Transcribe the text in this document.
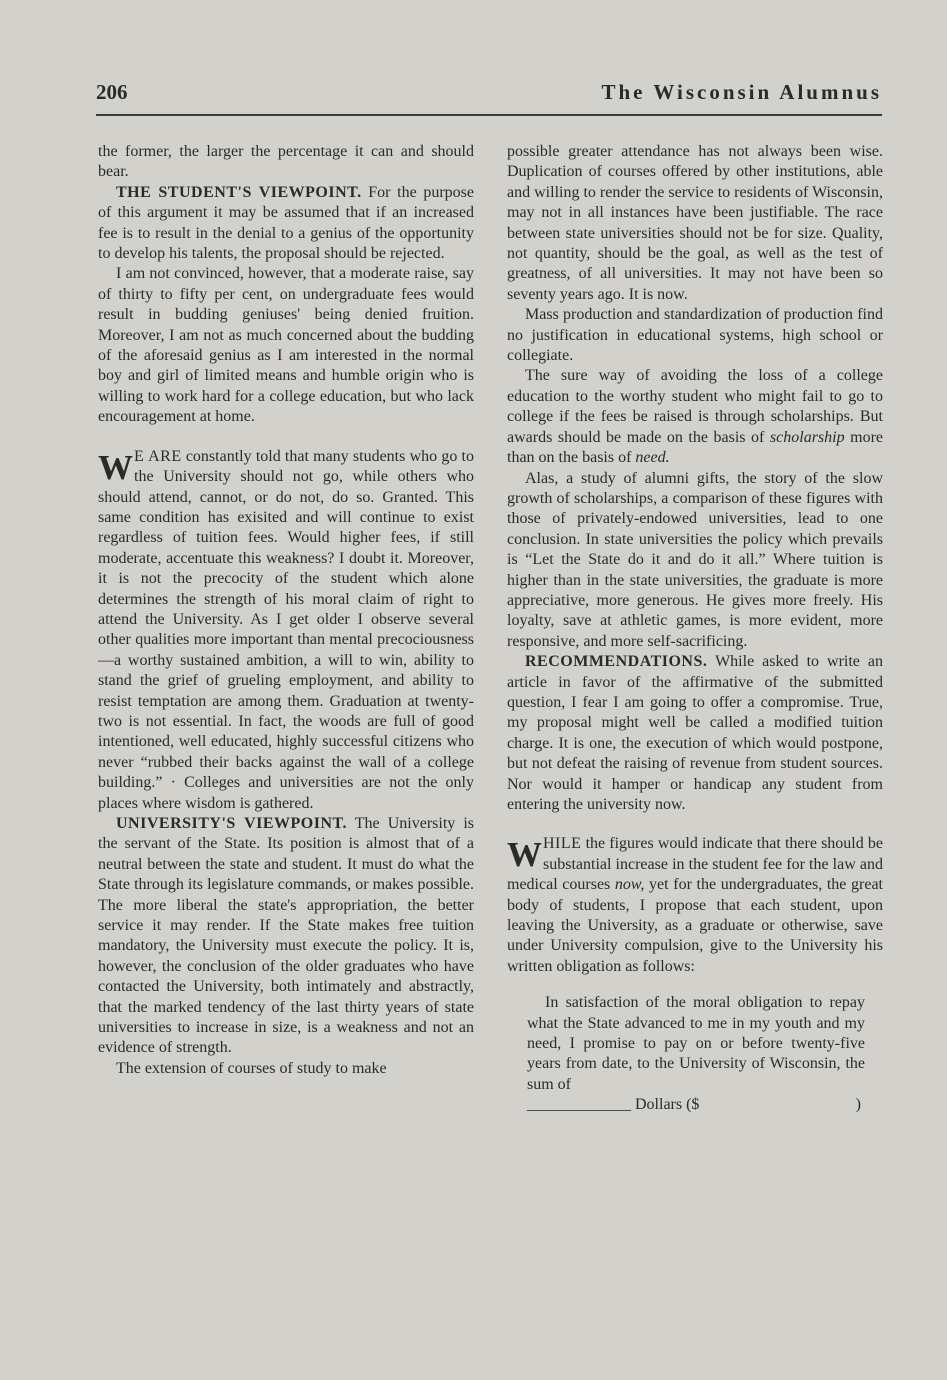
206	The Wisconsin Alumnus

the former, the larger the percentage it can and should bear.

THE STUDENT'S VIEWPOINT. For the purpose of this argument it may be assumed that if an increased fee is to result in the denial to a genius of the opportunity to develop his talents, the proposal should be rejected.

I am not convinced, however, that a moderate raise, say of thirty to fifty per cent, on undergraduate fees would result in budding geniuses' being denied fruition. Moreover, I am not as much concerned about the budding of the aforesaid genius as I am interested in the normal boy and girl of limited means and humble origin who is willing to work hard for a college education, but who lack encouragement at home.

W E ARE constantly told that many students who go to the University should not go, while others who should attend, cannot, or do not, do so. Granted. This same condition has exisited and will continue to exist regardless of tuition fees. Would higher fees, if still moderate, accentuate this weakness? I doubt it. Moreover, it is not the precocity of the student which alone determines the strength of his moral claim of right to attend the University. As I get older I observe several other qualities more important than mental precociousness—a worthy sustained ambition, a will to win, ability to stand the grief of grueling employment, and ability to resist temptation are among them. Graduation at twenty-two is not essential. In fact, the woods are full of good intentioned, well educated, highly successful citizens who never “rubbed their backs against the wall of a college building.” · Colleges and universities are not the only places where wisdom is gathered.

UNIVERSITY'S VIEWPOINT. The University is the servant of the State. Its position is almost that of a neutral between the state and student. It must do what the State through its legislature commands, or makes possible. The more liberal the state's appropriation, the better service it may render. If the State makes free tuition mandatory, the University must execute the policy. It is, however, the conclusion of the older graduates who have contacted the University, both intimately and abstractly, that the marked tendency of the last thirty years of state universities to increase in size, is a weakness and not an evidence of strength.

The extension of courses of study to make

possible greater attendance has not always been wise. Duplication of courses offered by other institutions, able and willing to render the service to residents of Wisconsin, may not in all instances have been justifiable. The race between state universities should not be for size. Quality, not quantity, should be the goal, as well as the test of greatness, of all universities. It may not have been so seventy years ago. It is now.

Mass production and standardization of production find no justification in educational systems, high school or collegiate.

The sure way of avoiding the loss of a college education to the worthy student who might fail to go to college if the fees be raised is through scholarships. But awards should be made on the basis of scholarship more than on the basis of need.

Alas, a study of alumni gifts, the story of the slow growth of scholarships, a comparison of these figures with those of privately-endowed universities, lead to one conclusion. In state universities the policy which prevails is “Let the State do it and do it all.” Where tuition is higher than in the state universities, the graduate is more appreciative, more generous. He gives more freely. His loyalty, save at athletic games, is more evident, more responsive, and more self-sacrificing.

RECOMMENDATIONS. While asked to write an article in favor of the affirmative of the submitted question, I fear I am going to offer a compromise. True, my proposal might well be called a modified tuition charge. It is one, the execution of which would postpone, but not defeat the raising of revenue from student sources. Nor would it hamper or handicap any student from entering the university now.

WHILE the figures would indicate that there should be substantial increase in the student fee for the law and medical courses now, yet for the undergraduates, the great body of students, I propose that each student, upon leaving the University, as a graduate or otherwise, save under University compulsion, give to the University his written obligation as follows:

In satisfaction of the moral obligation to repay what the State advanced to me in my youth and my need, I promise to pay on or before twenty-five years from date, to the University of Wisconsin, the sum of

_____________ Dollars ($	)
